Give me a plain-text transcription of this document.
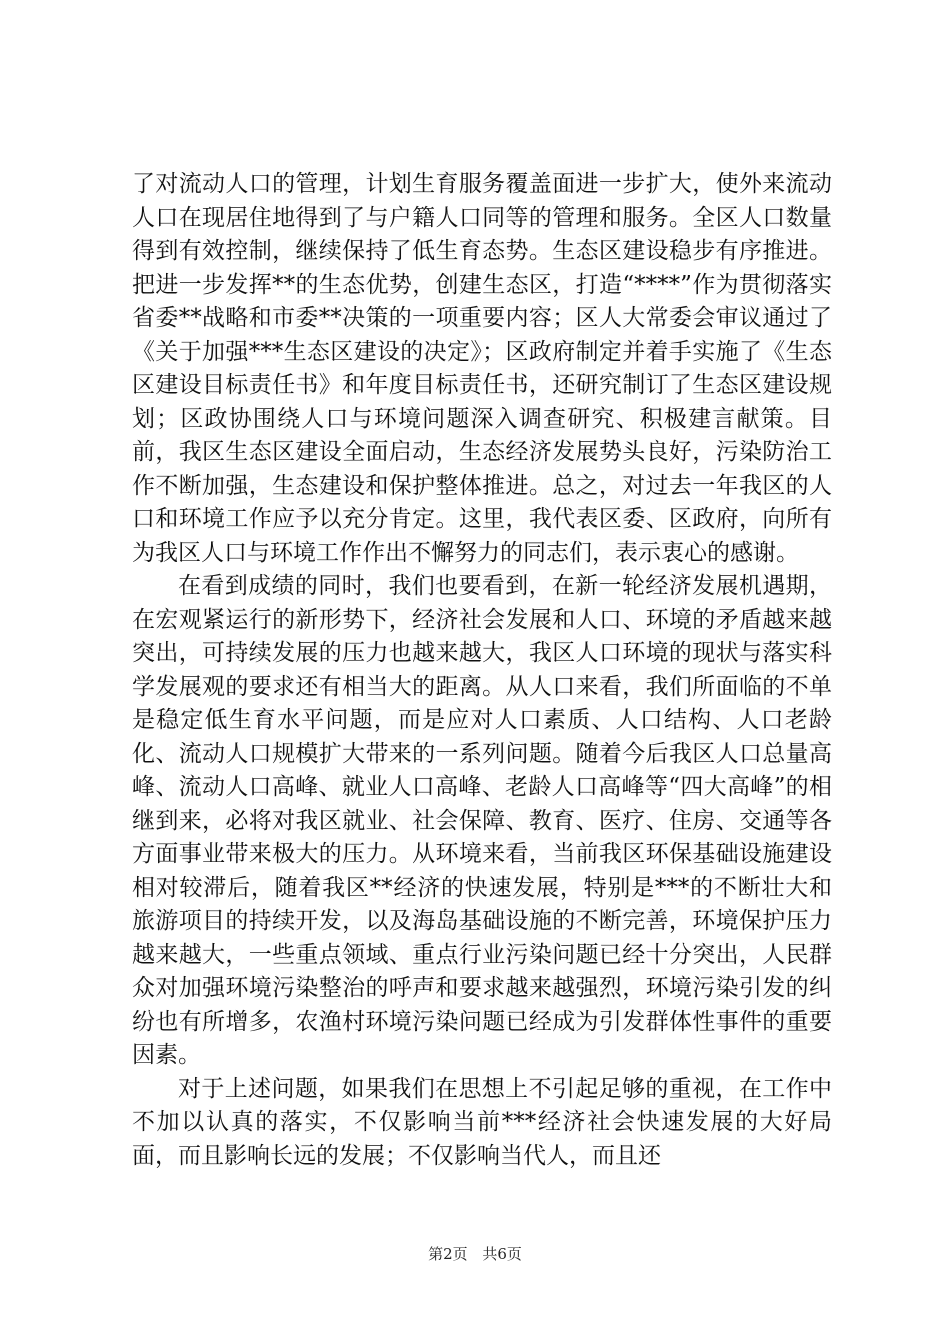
了对流动人口的管理，计划生育服务覆盖面进一步扩大，使外来流动人口在现居住地得到了与户籍人口同等的管理和服务。全区人口数量得到有效控制，继续保持了低生育态势。生态区建设稳步有序推进。把进一步发挥**的生态优势，创建生态区，打造“****”作为贯彻落实省委**战略和市委**决策的一项重要内容；区人大常委会审议通过了《关于加强***生态区建设的决定》；区政府制定并着手实施了《生态区建设目标责任书》和年度目标责任书，还研究制订了生态区建设规划；区政协围绕人口与环境问题深入调查研究、积极建言献策。目前，我区生态区建设全面启动，生态经济发展势头良好，污染防治工作不断加强，生态建设和保护整体推进。总之，对过去一年我区的人口和环境工作应予以充分肯定。这里，我代表区委、区政府，向所有为我区人口与环境工作作出不懈努力的同志们，表示衷心的感谢。

在看到成绩的同时，我们也要看到，在新一轮经济发展机遇期，在宏观紧运行的新形势下，经济社会发展和人口、环境的矛盾越来越突出，可持续发展的压力也越来越大，我区人口环境的现状与落实科学发展观的要求还有相当大的距离。从人口来看，我们所面临的不单是稳定低生育水平问题，而是应对人口素质、人口结构、人口老龄化、流动人口规模扩大带来的一系列问题。随着今后我区人口总量高峰、流动人口高峰、就业人口高峰、老龄人口高峰等“四大高峰”的相继到来，必将对我区就业、社会保障、教育、医疗、住房、交通等各方面事业带来极大的压力。从环境来看，当前我区环保基础设施建设相对较滞后，随着我区**经济的快速发展，特别是***的不断壮大和旅游项目的持续开发，以及海岛基础设施的不断完善，环境保护压力越来越大，一些重点领域、重点行业污染问题已经十分突出，人民群众对加强环境污染整治的呼声和要求越来越强烈，环境污染引发的纠纷也有所增多，农渔村环境污染问题已经成为引发群体性事件的重要因素。

对于上述问题，如果我们在思想上不引起足够的重视，在工作中不加以认真的落实，不仅影响当前***经济社会快速发展的大好局面，而且影响长远的发展；不仅影响当代人，而且还

第2页 共6页
